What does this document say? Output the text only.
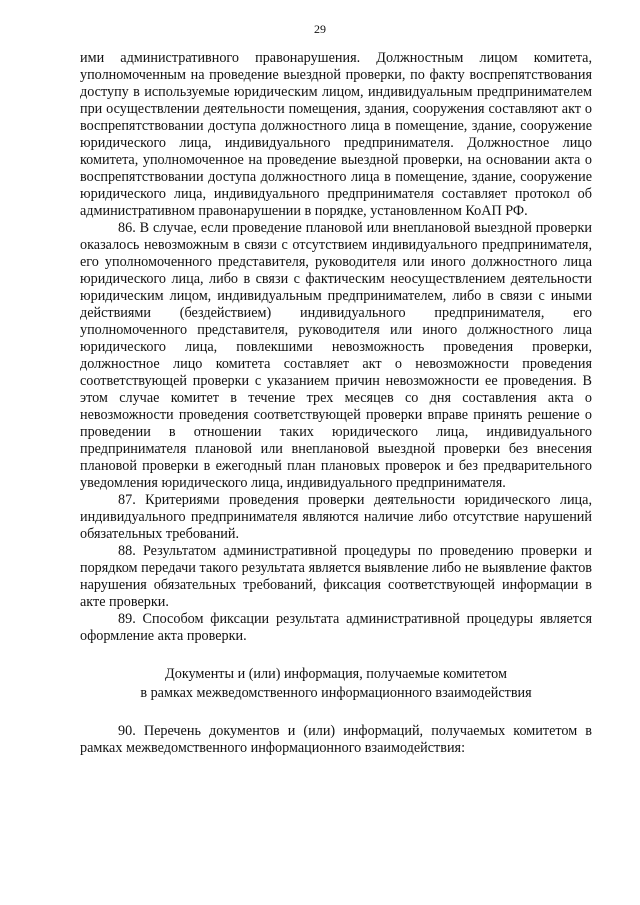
29

ими административного правонарушения. Должностным лицом комитета, уполномоченным на проведение выездной проверки, по факту воспрепятствования доступу в используемые юридическим лицом, индивидуальным предпринимателем при осуществлении деятельности помещения, здания, сооружения составляют акт о воспрепятствовании доступа должностного лица в помещение, здание, сооружение юридического лица, индивидуального предпринимателя. Должностное лицо комитета, уполномоченное на проведение выездной проверки, на основании акта о воспрепятствовании доступа должностного лица в помещение, здание, сооружение юридического лица, индивидуального предпринимателя составляет протокол об административном правонарушении в порядке, установленном КоАП РФ.

86. В случае, если проведение плановой или внеплановой выездной проверки оказалось невозможным в связи с отсутствием индивидуального предпринимателя, его уполномоченного представителя, руководителя или иного должностного лица юридического лица, либо в связи с фактическим неосуществлением деятельности юридическим лицом, индивидуальным предпринимателем, либо в связи с иными действиями (бездействием) индивидуального предпринимателя, его уполномоченного представителя, руководителя или иного должностного лица юридического лица, повлекшими невозможность проведения проверки, должностное лицо комитета составляет акт о невозможности проведения соответствующей проверки с указанием причин невозможности ее проведения. В этом случае комитет в течение трех месяцев со дня составления акта о невозможности проведения соответствующей проверки вправе принять решение о проведении в отношении таких юридического лица, индивидуального предпринимателя плановой или внеплановой выездной проверки без внесения плановой проверки в ежегодный план плановых проверок и без предварительного уведомления юридического лица, индивидуального предпринимателя.

87. Критериями проведения проверки деятельности юридического лица, индивидуального предпринимателя являются наличие либо отсутствие нарушений обязательных требований.

88. Результатом административной процедуры по проведению проверки и порядком передачи такого результата является выявление либо не выявление фактов нарушения обязательных требований, фиксация соответствующей информации в акте проверки.

89. Способом фиксации результата административной процедуры является оформление акта проверки.

Документы и (или) информация, получаемые комитетом
в рамках межведомственного информационного взаимодействия

90. Перечень документов и (или) информаций, получаемых комитетом в рамках межведомственного информационного взаимодействия:
